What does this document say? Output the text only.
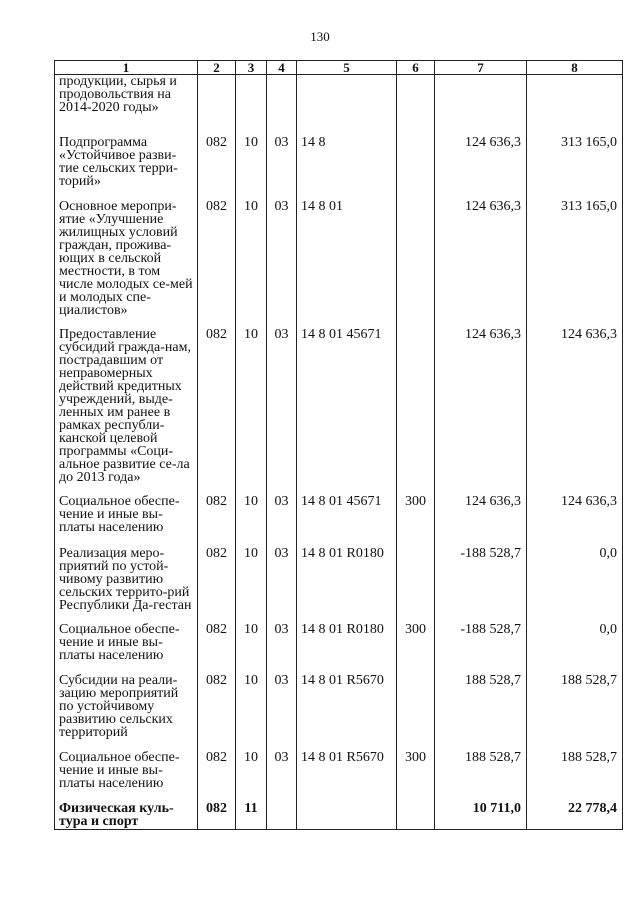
130
1	2	3	4	5	6	7	8
продукции, сырья и продовольствия на 2014-2020 годы»							
Подпрограмма «Устойчивое разви-тие сельских терри-торий»	082	10	03	14 8		124 636,3	313 165,0
Основное меропри-ятие «Улучшение жилищных условий граждан, прожива-ющих в сельской местности, в том числе молодых се-мей и молодых спе-циалистов»	082	10	03	14 8 01		124 636,3	313 165,0
Предоставление субсидий гражда-нам, пострадавшим от неправомерных действий кредитных учреждений, выде-ленных им ранее в рамках республи-канской целевой программы «Соци-альное развитие се-ла до 2013 года»	082	10	03	14 8 01 45671		124 636,3	124 636,3
Социальное обеспе-чение и иные вы-платы населению	082	10	03	14 8 01 45671	300	124 636,3	124 636,3
Реализация меро-приятий по устой-чивому развитию сельских террито-рий Республики Да-гестан	082	10	03	14 8 01 R0180		-188 528,7	0,0
Социальное обеспе-чение и иные вы-платы населению	082	10	03	14 8 01 R0180	300	-188 528,7	0,0
Субсидии на реали-зацию мероприятий по устойчивому развитию сельских территорий	082	10	03	14 8 01 R5670		188 528,7	188 528,7
Социальное обеспе-чение и иные вы-платы населению	082	10	03	14 8 01 R5670	300	188 528,7	188 528,7
Физическая куль-тура и спорт	082	11				10 711,0	22 778,4
